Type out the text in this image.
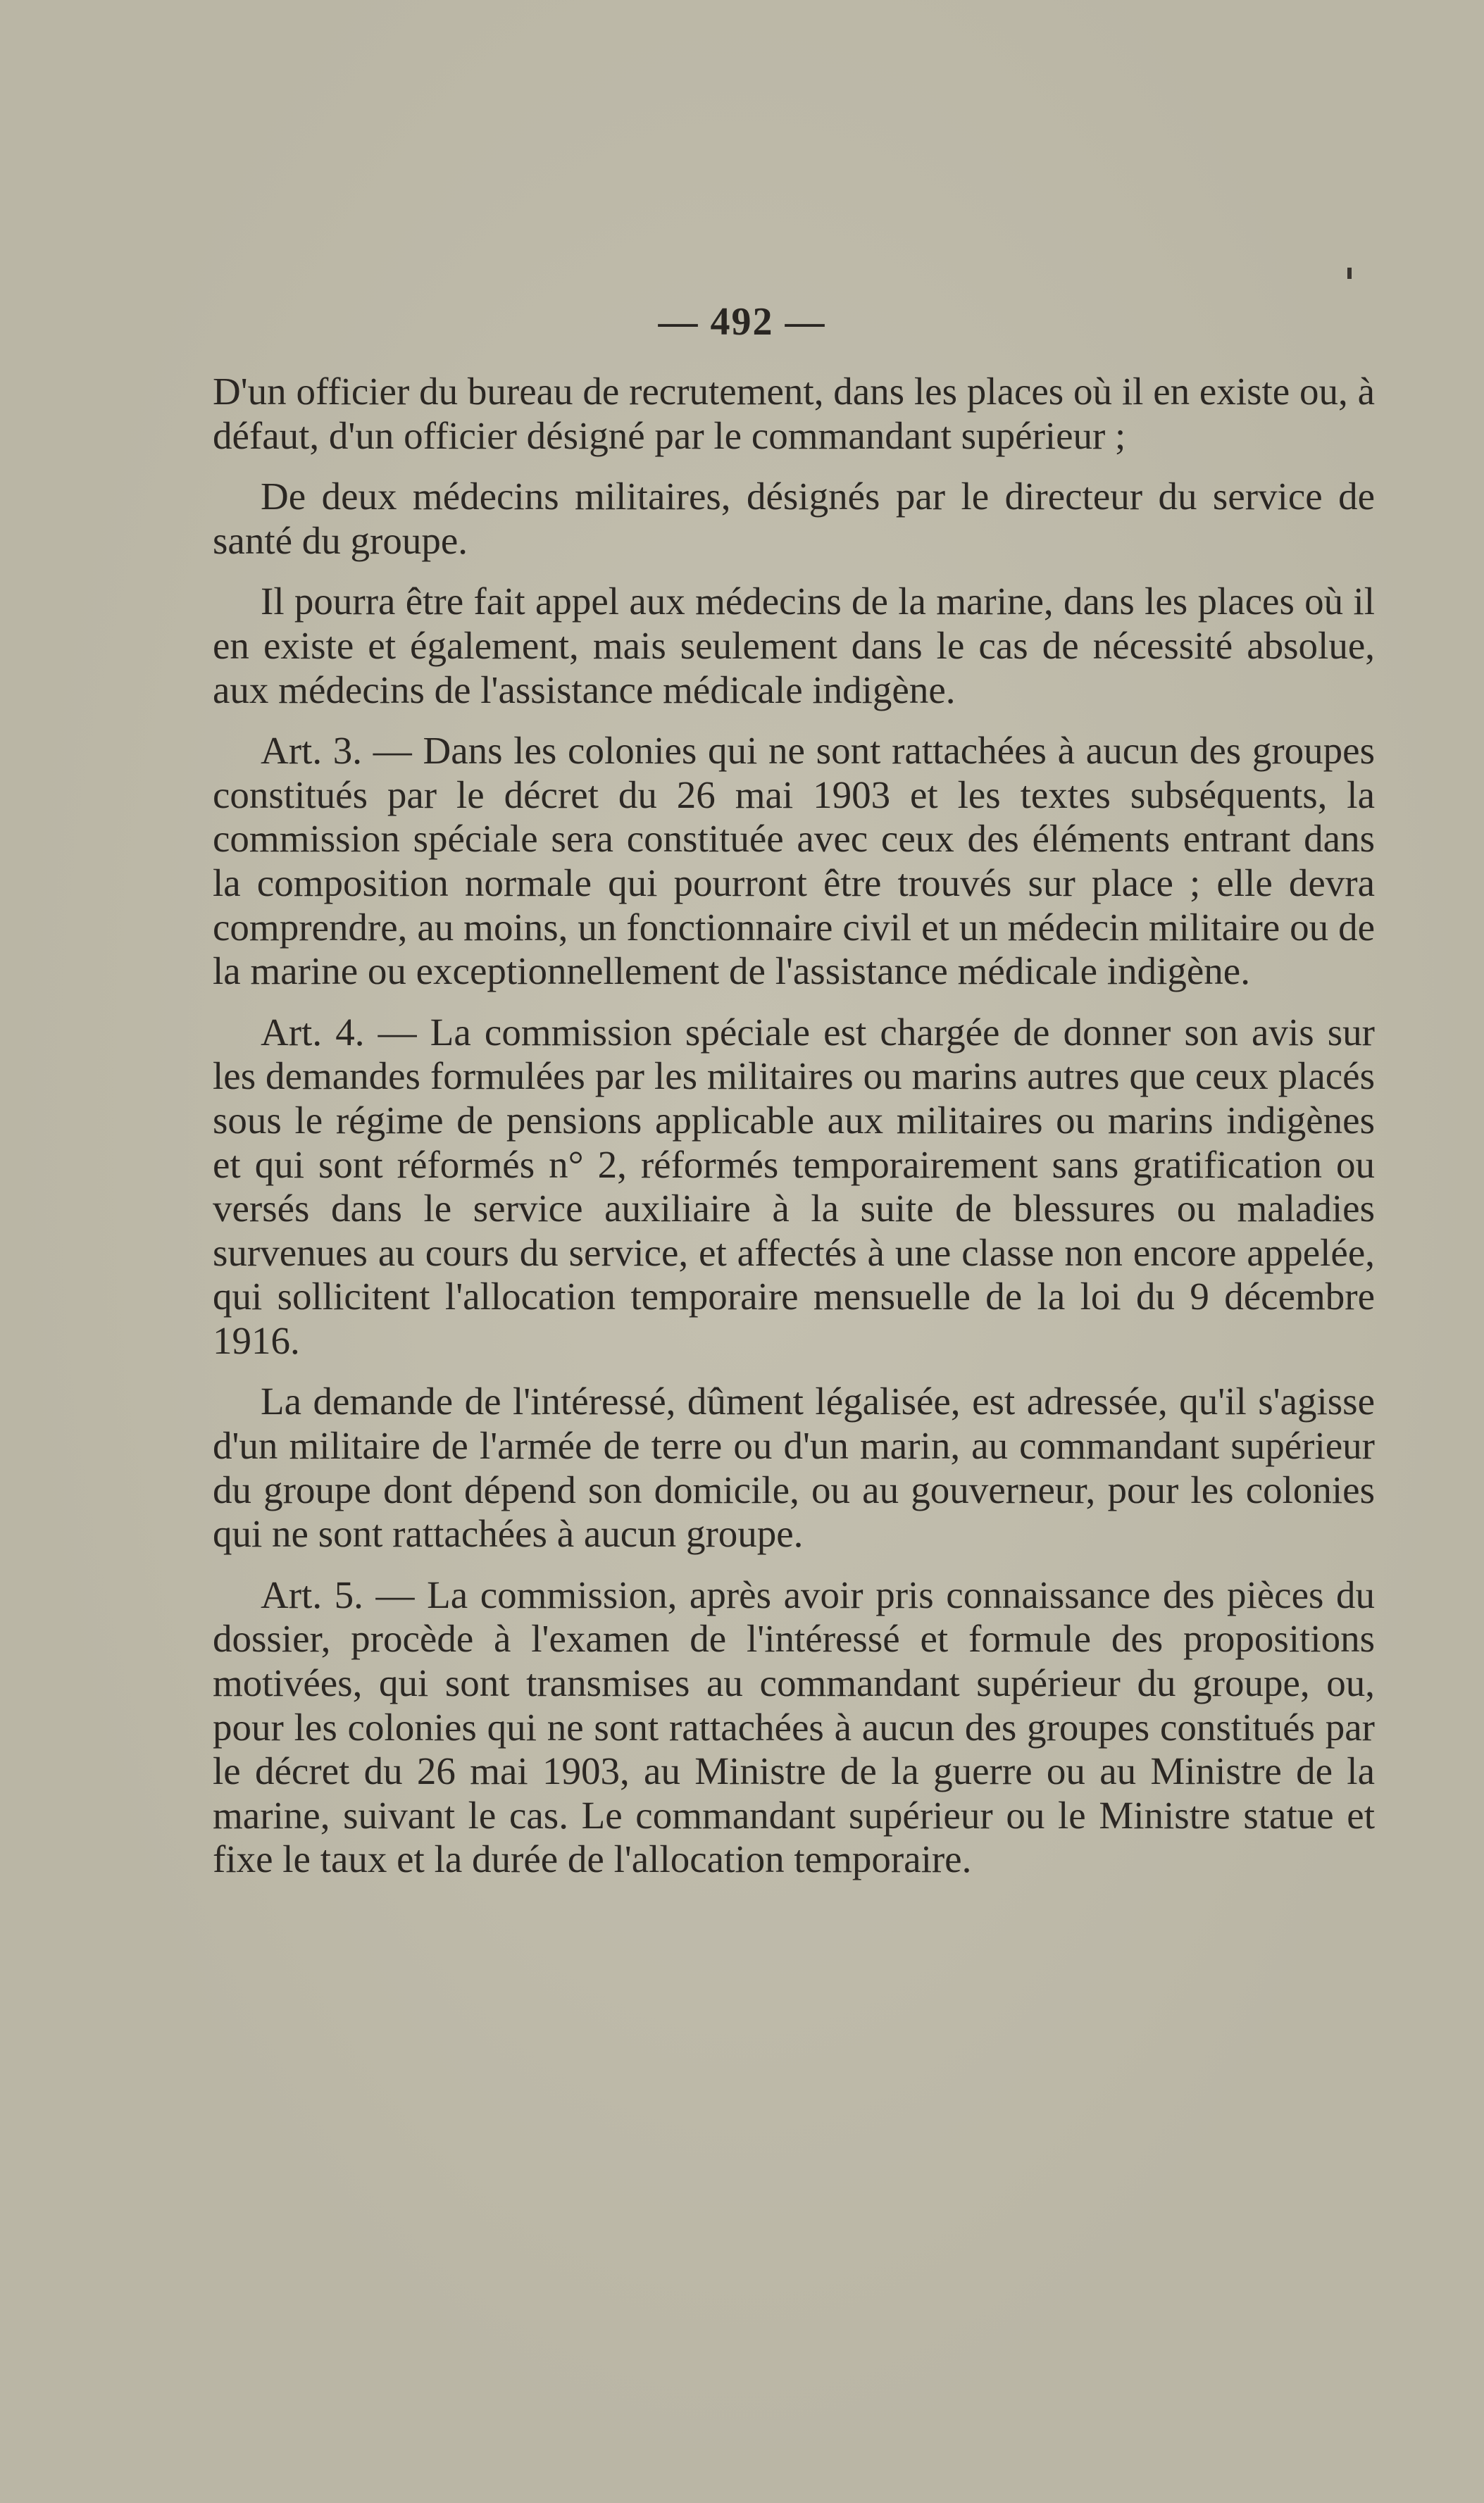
— 492 —

D'un officier du bureau de recrutement, dans les places où il en existe ou, à défaut, d'un officier désigné par le commandant supérieur ;

De deux médecins militaires, désignés par le directeur du service de santé du groupe.

Il pourra être fait appel aux médecins de la marine, dans les places où il en existe et également, mais seulement dans le cas de nécessité absolue, aux médecins de l'assistance médicale indigène.

Art. 3. — Dans les colonies qui ne sont rattachées à aucun des groupes constitués par le décret du 26 mai 1903 et les textes subséquents, la commission spéciale sera constituée avec ceux des éléments entrant dans la composition normale qui pourront être trouvés sur place ; elle devra comprendre, au moins, un fonctionnaire civil et un médecin militaire ou de la marine ou exceptionnellement de l'assistance médicale indigène.

Art. 4. — La commission spéciale est chargée de donner son avis sur les demandes formulées par les militaires ou marins autres que ceux placés sous le régime de pensions applicable aux militaires ou marins indigènes et qui sont réformés n° 2, réformés temporairement sans gratification ou versés dans le service auxiliaire à la suite de blessures ou maladies survenues au cours du service, et affectés à une classe non encore appelée, qui sollicitent l'allocation temporaire mensuelle de la loi du 9 décembre 1916.

La demande de l'intéressé, dûment légalisée, est adressée, qu'il s'agisse d'un militaire de l'armée de terre ou d'un marin, au commandant supérieur du groupe dont dépend son domicile, ou au gouverneur, pour les colonies qui ne sont rattachées à aucun groupe.

Art. 5. — La commission, après avoir pris connaissance des pièces du dossier, procède à l'examen de l'intéressé et formule des propositions motivées, qui sont transmises au commandant supérieur du groupe, ou, pour les colonies qui ne sont rattachées à aucun des groupes constitués par le décret du 26 mai 1903, au Ministre de la guerre ou au Ministre de la marine, suivant le cas. Le commandant supérieur ou le Ministre statue et fixe le taux et la durée de l'allocation temporaire.
